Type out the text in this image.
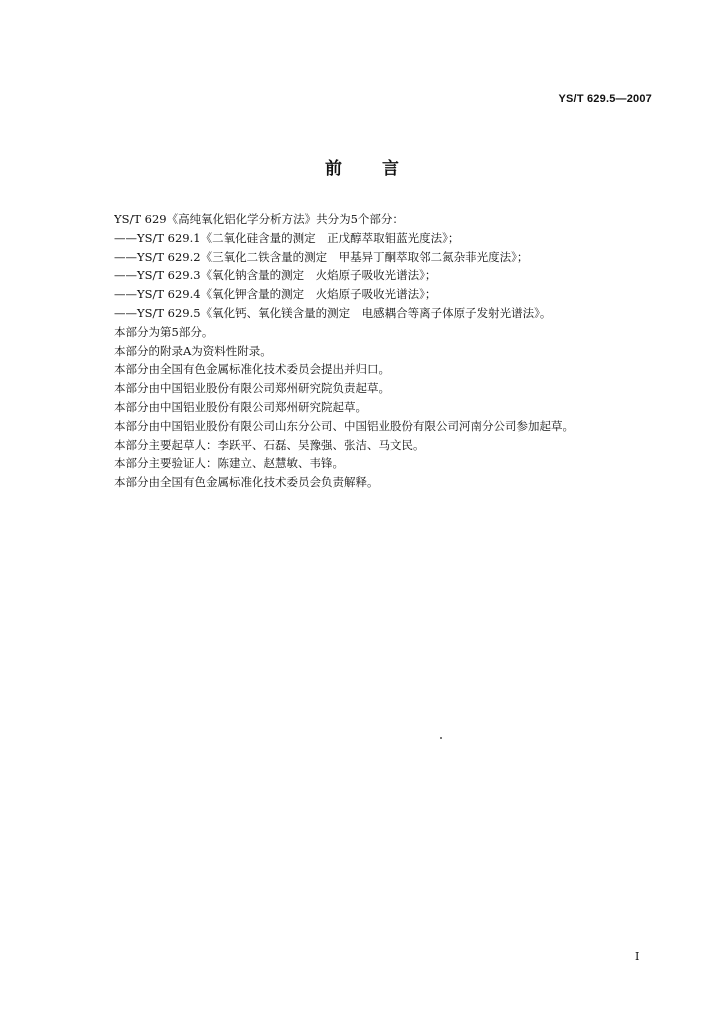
YS/T 629.5—2007
前言
YS/T 629《高纯氧化铝化学分析方法》共分为5个部分：
——YS/T 629.1《二氧化硅含量的测定　正戊醇萃取钼蓝光度法》；
——YS/T 629.2《三氧化二铁含量的测定　甲基异丁酮萃取邻二氮杂菲光度法》；
——YS/T 629.3《氧化钠含量的测定　火焰原子吸收光谱法》；
——YS/T 629.4《氧化钾含量的测定　火焰原子吸收光谱法》；
——YS/T 629.5《氧化钙、氧化镁含量的测定　电感耦合等离子体原子发射光谱法》。
本部分为第5部分。
本部分的附录A为资料性附录。
本部分由全国有色金属标准化技术委员会提出并归口。
本部分由中国铝业股份有限公司郑州研究院负责起草。
本部分由中国铝业股份有限公司郑州研究院起草。
本部分由中国铝业股份有限公司山东分公司、中国铝业股份有限公司河南分公司参加起草。
本部分主要起草人：李跃平、石磊、吴豫强、张洁、马文民。
本部分主要验证人：陈建立、赵慧敏、韦锋。
本部分由全国有色金属标准化技术委员会负责解释。
I
